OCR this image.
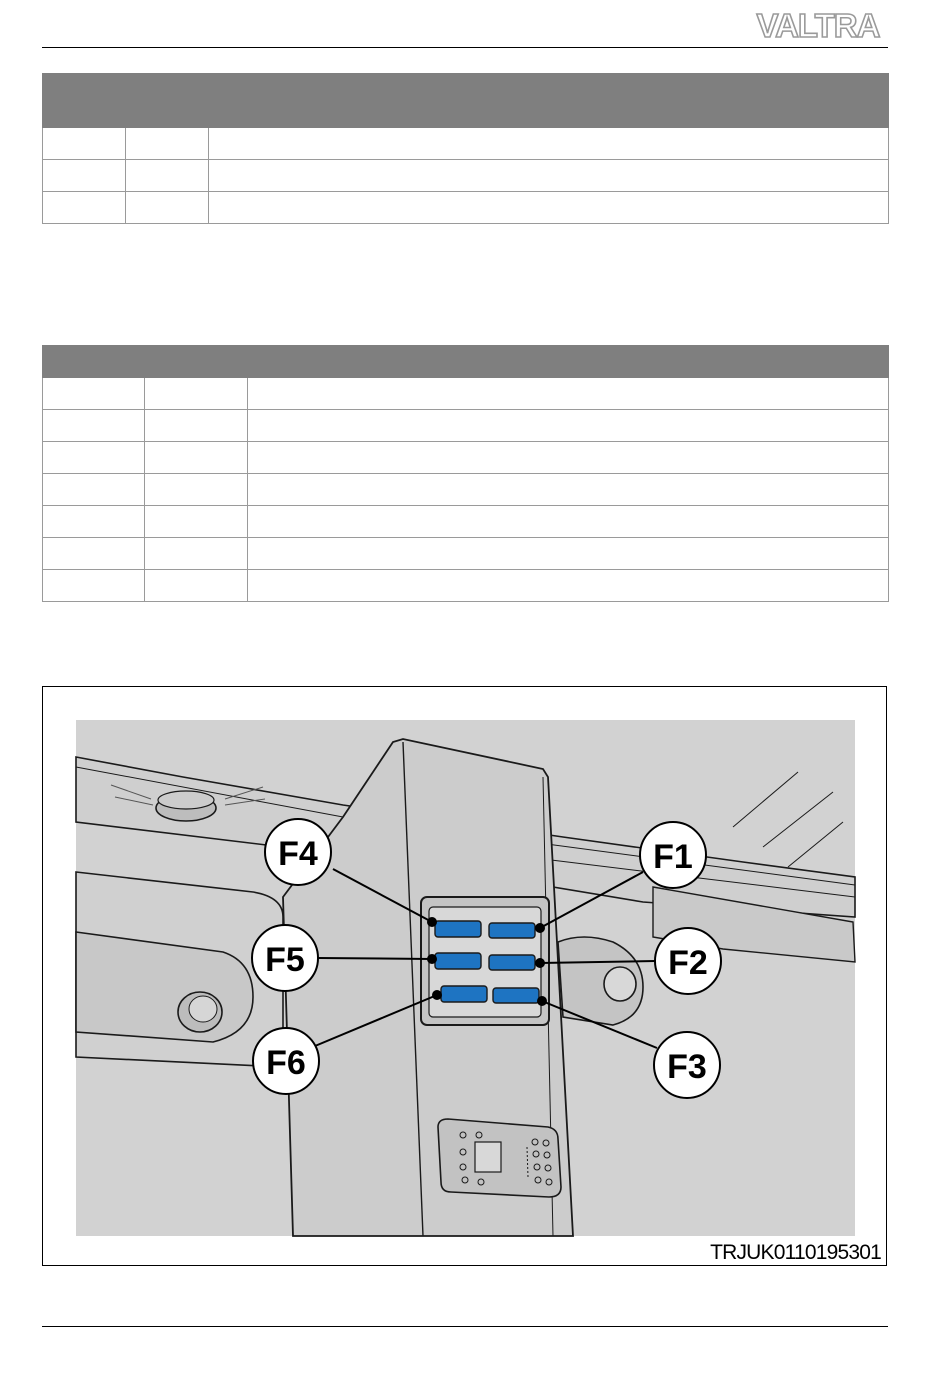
VALTRA

F4	F1
F5	F2
F6	F3
TRJUK0110195301
